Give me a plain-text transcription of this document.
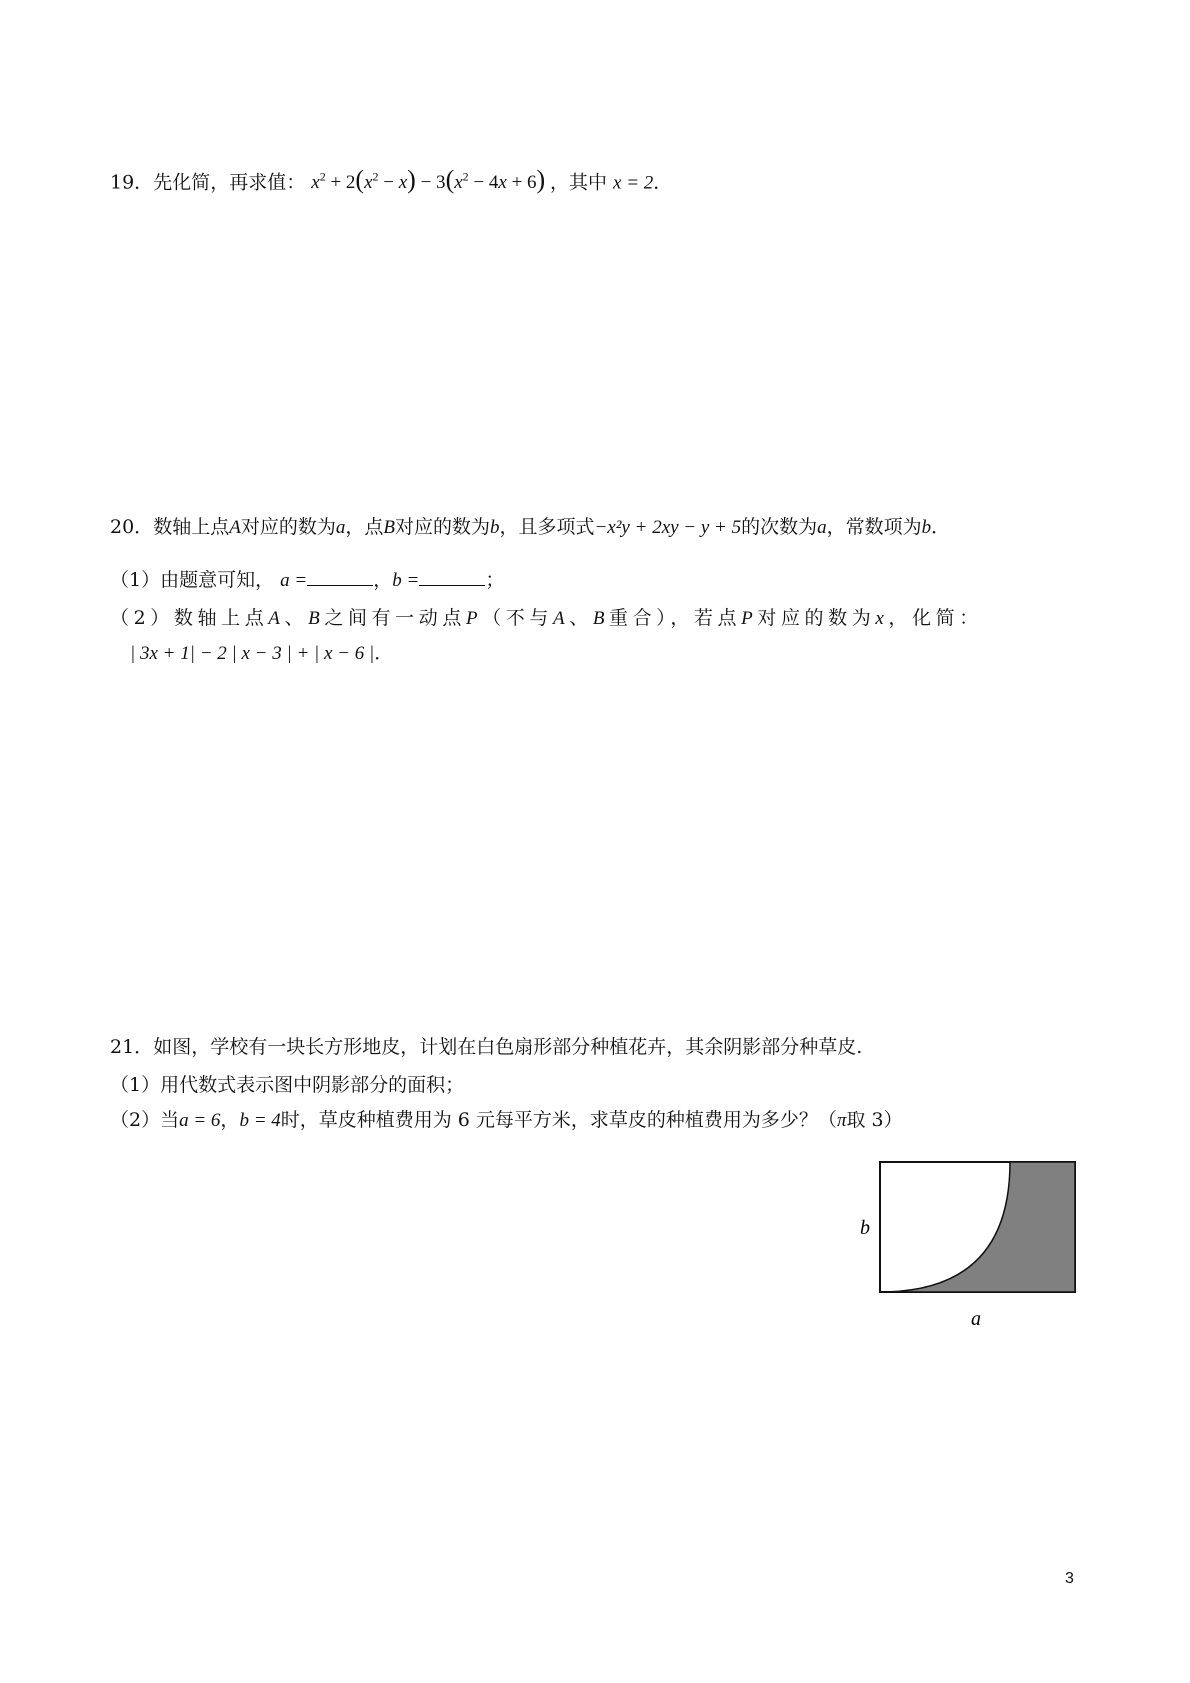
19．先化简，再求值： $x^2 + 2(x^2 - x) - 3(x^2 - 4x + 6)$ ，其中 x = 2．
20．数轴上点A对应的数为a，点B对应的数为b，且多项式−x²y + 2xy − y + 5的次数为a，常数项为b．
（1）由题意可知， a =	，b =	；
（2）数轴上点A、B之间有一动点P（不与A、B重合），若点P对应的数为x，化简：
| 3x + 1| − 2 | x − 3 | + | x − 6 |．
21．如图，学校有一块长方形地皮，计划在白色扇形部分种植花卉，其余阴影部分种草皮.
（1）用代数式表示图中阴影部分的面积；
（2）当a = 6，b = 4时，草皮种植费用为 6 元每平方米，求草皮的种植费用为多少？（π取 3）
b
a
3
